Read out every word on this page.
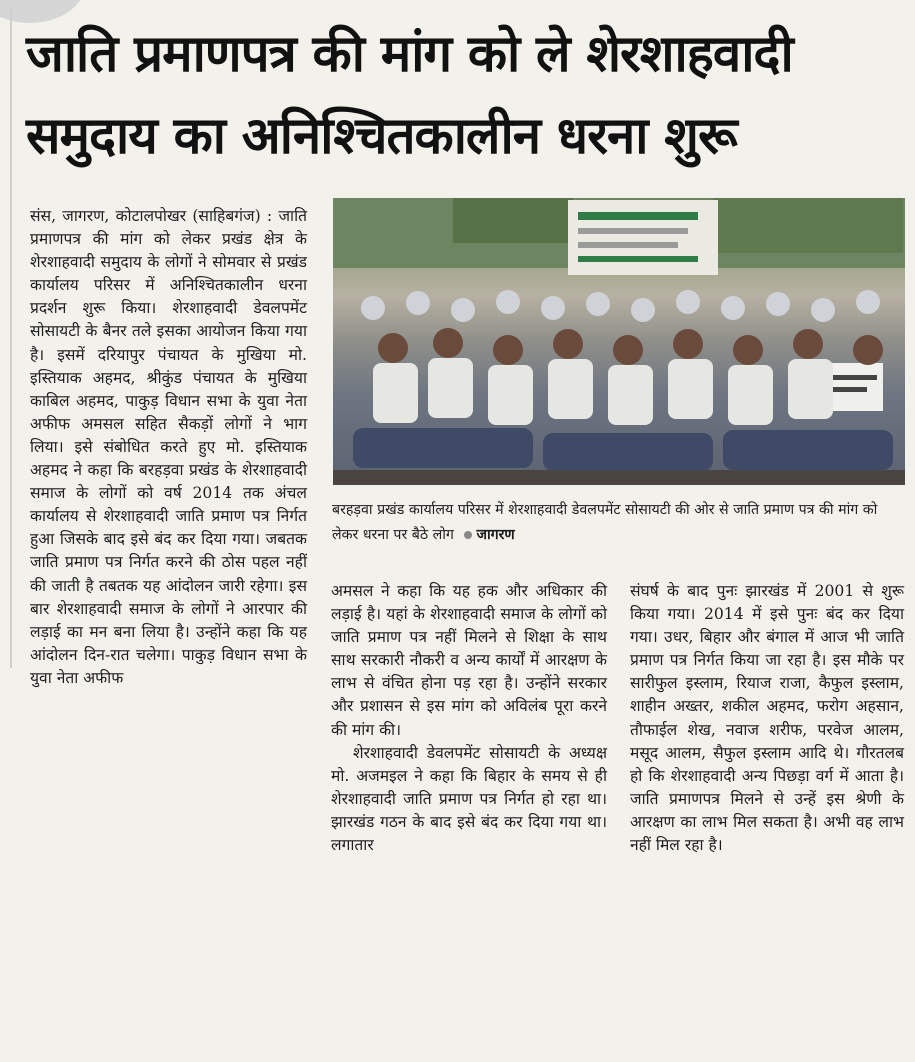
जाति प्रमाणपत्र की मांग को ले शेरशाहवादी
समुदाय का अनिश्चितकालीन धरना शुरू

संस, जागरण, कोटालपोखर (साहिबगंज) : जाति प्रमाणपत्र की मांग को लेकर प्रखंड क्षेत्र के शेरशाहवादी समुदाय के लोगों ने सोमवार से प्रखंड कार्यालय परिसर में अनिश्चितकालीन धरना प्रदर्शन शुरू किया। शेरशाहवादी डेवलपमेंट सोसायटी के बैनर तले इसका आयोजन किया गया है। इसमें दरियापुर पंचायत के मुखिया मो. इस्तियाक अहमद, श्रीकुंड पंचायत के मुखिया काबिल अहमद, पाकुड़ विधान सभा के युवा नेता अफीफ अमसल सहित सैकड़ों लोगों ने भाग लिया। इसे संबोधित करते हुए मो. इस्तियाक अहमद ने कहा कि बरहड़वा प्रखंड के शेरशाहवादी समाज के लोगों को वर्ष 2014 तक अंचल कार्यालय से शेरशाहवादी जाति प्रमाण पत्र निर्गत हुआ जिसके बाद इसे बंद कर दिया गया। जबतक जाति प्रमाण पत्र निर्गत करने की ठोस पहल नहीं की जाती है तबतक यह आंदोलन जारी रहेगा। इस बार शेरशाहवादी समाज के लोगों ने आरपार की लड़ाई का मन बना लिया है। उन्होंने कहा कि यह आंदोलन दिन-रात चलेगा। पाकुड़ विधान सभा के युवा नेता अफीफ

बरहड़वा प्रखंड कार्यालय परिसर में शेरशाहवादी डेवलपमेंट सोसायटी की ओर से जाति प्रमाण पत्र की मांग को लेकर धरना पर बैठे लोग जागरण

अमसल ने कहा कि यह हक और अधिकार की लड़ाई है। यहां के शेरशाहवादी समाज के लोगों को जाति प्रमाण पत्र नहीं मिलने से शिक्षा के साथ साथ सरकारी नौकरी व अन्य कार्यों में आरक्षण के लाभ से वंचित होना पड़ रहा है। उन्होंने सरकार और प्रशासन से इस मांग को अविलंब पूरा करने की मांग की।

शेरशाहवादी डेवलपमेंट सोसायटी के अध्यक्ष मो. अजमइल ने कहा कि बिहार के समय से ही शेरशाहवादी जाति प्रमाण पत्र निर्गत हो रहा था। झारखंड गठन के बाद इसे बंद कर दिया गया था। लगातार

संघर्ष के बाद पुनः झारखंड में 2001 से शुरू किया गया। 2014 में इसे पुनः बंद कर दिया गया। उधर, बिहार और बंगाल में आज भी जाति प्रमाण पत्र निर्गत किया जा रहा है। इस मौके पर सारीफुल इस्लाम, रियाज राजा, कैफुल इस्लाम, शाहीन अख्तर, शकील अहमद, फरोग अहसान, तौफाईल शेख, नवाज शरीफ, परवेज आलम, मसूद आलम, सैफुल इस्लाम आदि थे। गौरतलब हो कि शेरशाहवादी अन्य पिछड़ा वर्ग में आता है। जाति प्रमाणपत्र मिलने से उन्हें इस श्रेणी के आरक्षण का लाभ मिल सकता है। अभी वह लाभ नहीं मिल रहा है।
